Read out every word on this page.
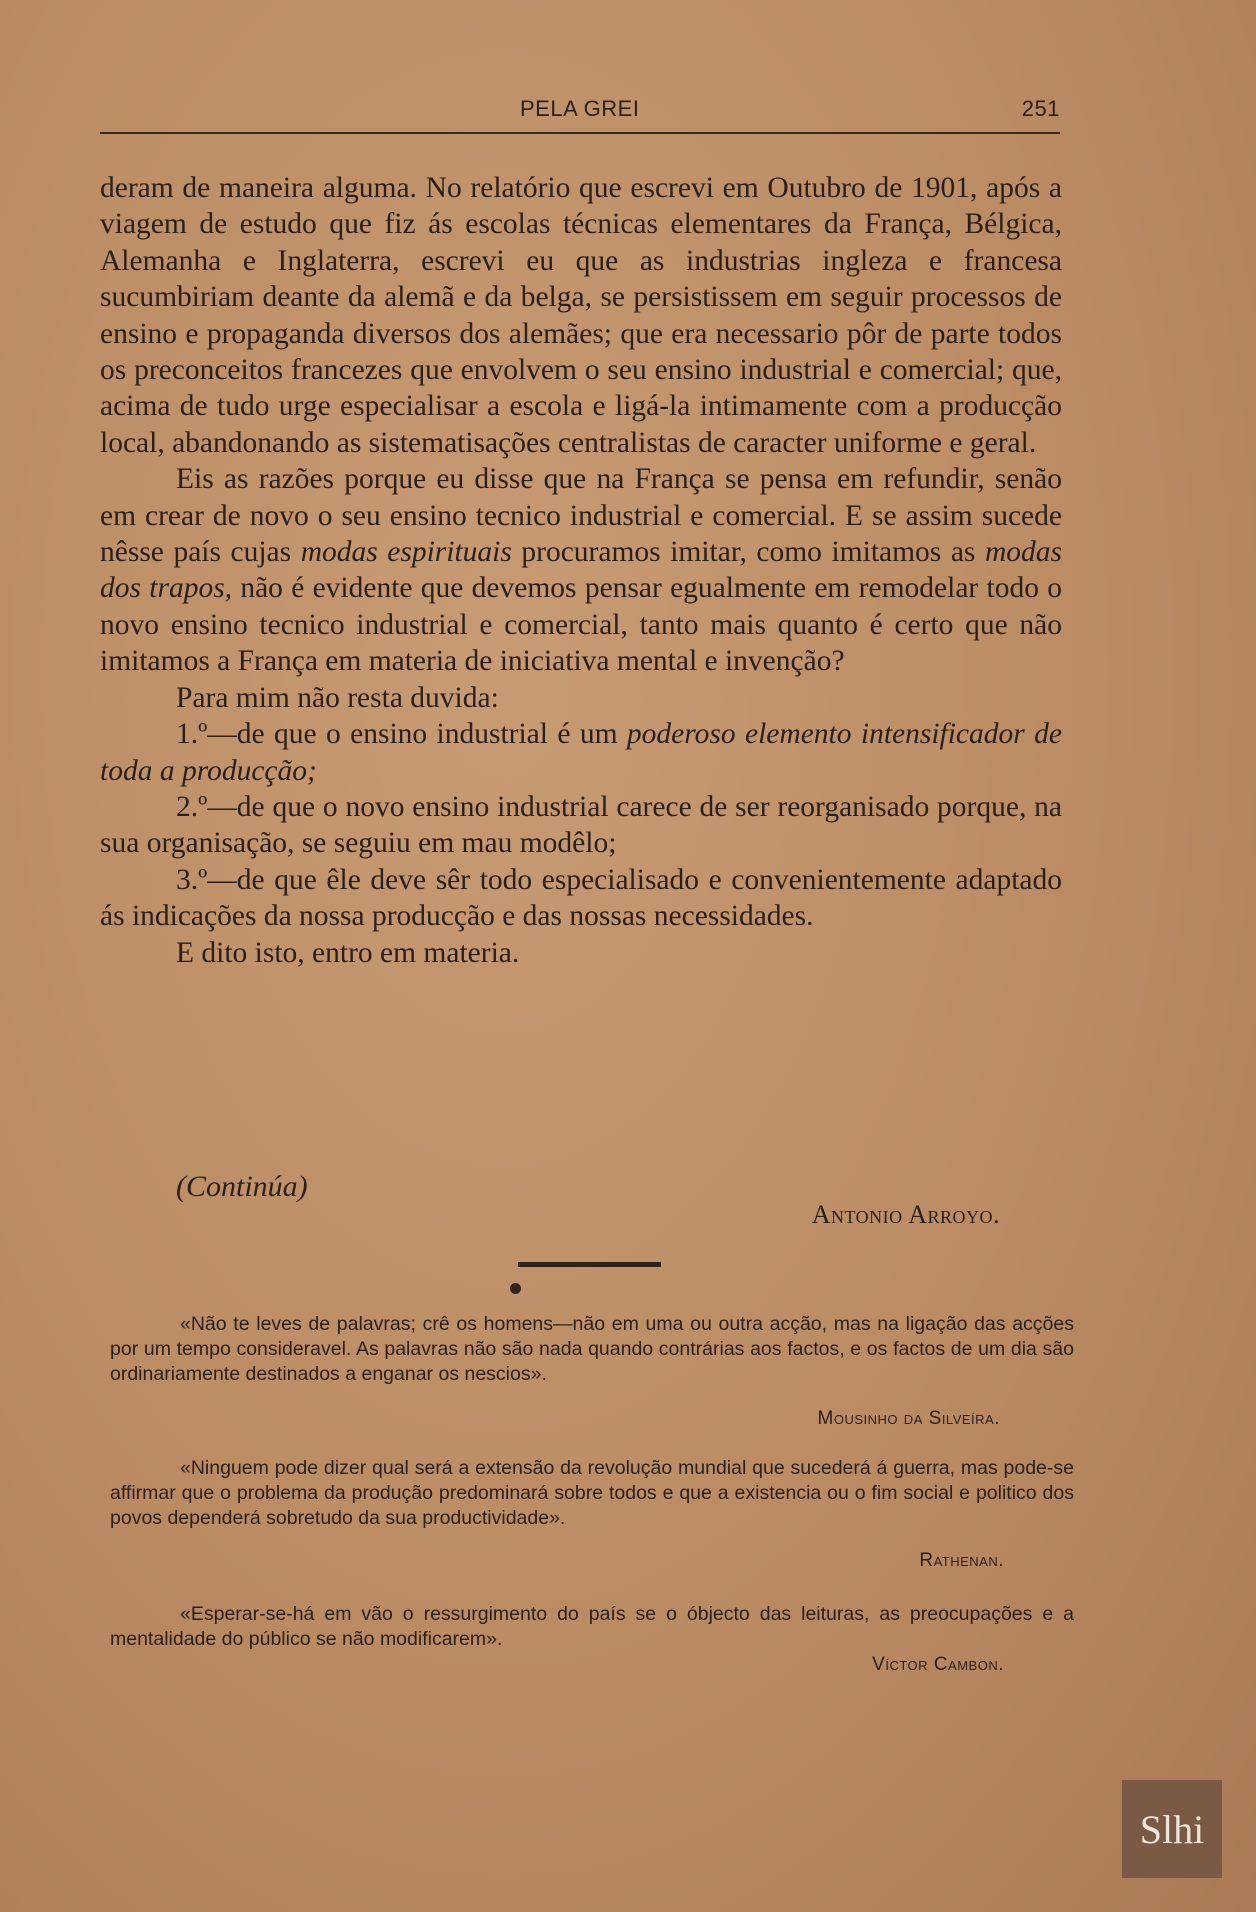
PELA GREI	251

deram de maneira alguma. No relatório que escrevi em Outubro de 1901, após a viagem de estudo que fiz ás escolas técnicas elementares da França, Bélgica, Alemanha e Inglaterra, escrevi eu que as industrias ingleza e francesa sucumbiriam deante da alemã e da belga, se persistissem em seguir processos de ensino e propaganda diversos dos alemães; que era necessario pôr de parte todos os preconceitos francezes que envolvem o seu ensino industrial e comercial; que, acima de tudo urge especialisar a escola e ligá-la intimamente com a producção local, abandonando as sistematisações centralistas de caracter uniforme e geral.

Eis as razões porque eu disse que na França se pensa em refundir, senão em crear de novo o seu ensino tecnico industrial e comercial. E se assim sucede nêsse país cujas modas espirituais procuramos imitar, como imitamos as modas dos trapos, não é evidente que devemos pensar egualmente em remodelar todo o novo ensino tecnico industrial e comercial, tanto mais quanto é certo que não imitamos a França em materia de iniciativa mental e invenção?

Para mim não resta duvida:

1.º—de que o ensino industrial é um poderoso elemento intensificador de toda a producção;

2.º—de que o novo ensino industrial carece de ser reorganisado porque, na sua organisação, se seguiu em mau modêlo;

3.º—de que êle deve sêr todo especialisado e convenientemente adaptado ás indicações da nossa producção e das nossas necessidades.

E dito isto, entro em materia.

(Continúa)
Antonio Arroyo.

«Não te leves de palavras; crê os homens—não em uma ou outra acção, mas na ligação das acções por um tempo consideravel. As palavras não são nada quando contrárias aos factos, e os factos de um dia são ordinariamente destinados a enganar os nescios».

Mousinho da Silveíra.

«Ninguem pode dizer qual será a extensão da revolução mundial que sucederá á guerra, mas pode-se affirmar que o problema da produção predominará sobre todos e que a existencia ou o fim social e politico dos povos dependerá sobretudo da sua productividade».

Rathenan.

«Esperar-se-há em vão o ressurgimento do país se o óbjecto das leituras, as preocupações e a mentalidade do público se não modificarem».

Víctor Cambon.
Slhi
